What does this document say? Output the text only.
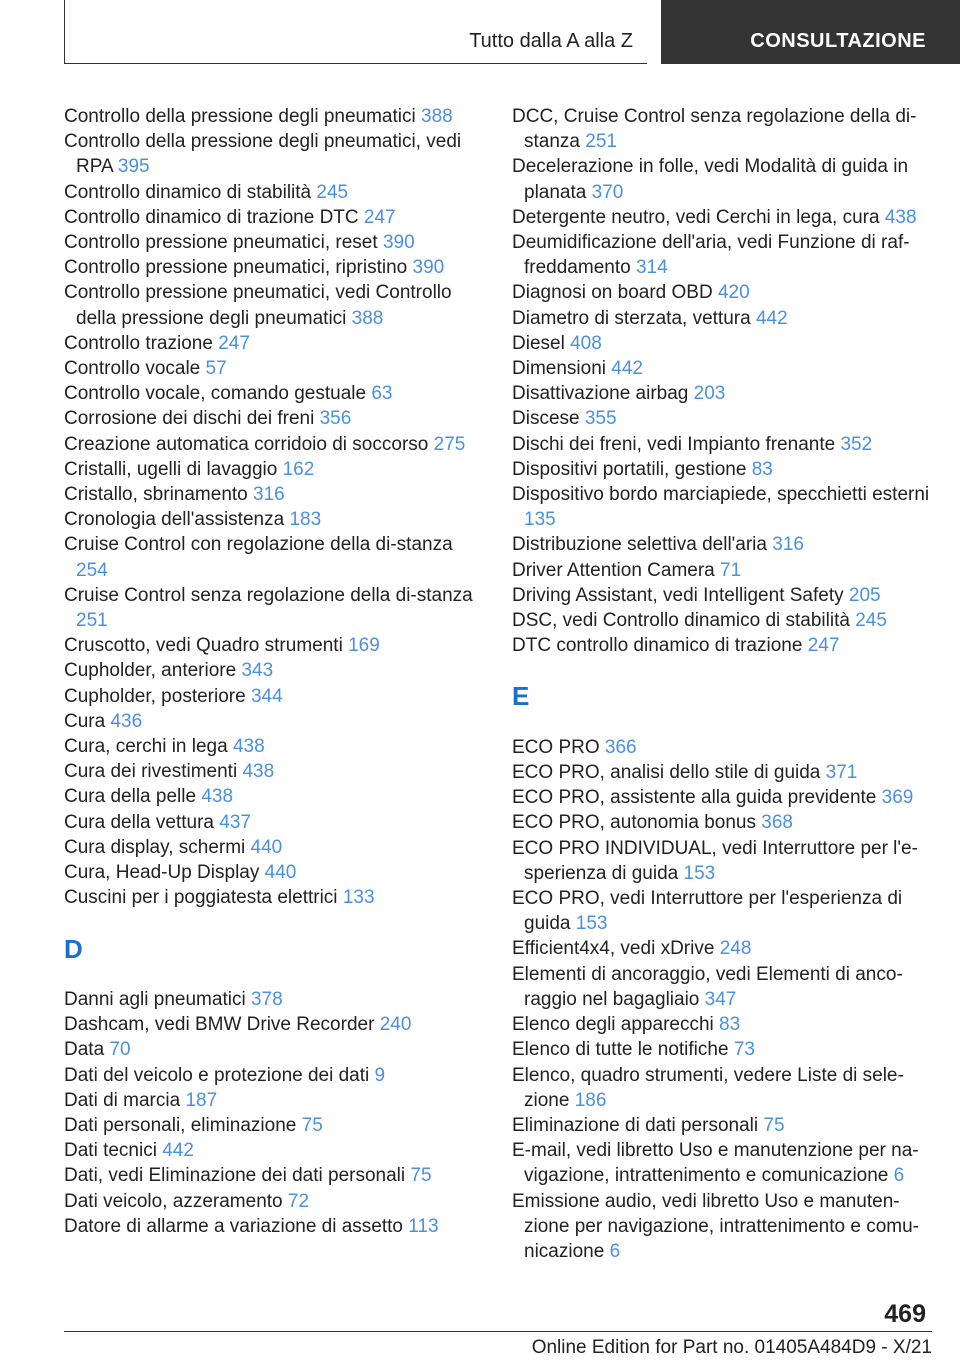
Tutto dalla A alla Z	CONSULTAZIONE
Controllo della pressione degli pneumatici 388
Controllo della pressione degli pneumatici, vedi RPA 395
Controllo dinamico di stabilità 245
Controllo dinamico di trazione DTC 247
Controllo pressione pneumatici, reset 390
Controllo pressione pneumatici, ripristino 390
Controllo pressione pneumatici, vedi Controllo della pressione degli pneumatici 388
Controllo trazione 247
Controllo vocale 57
Controllo vocale, comando gestuale 63
Corrosione dei dischi dei freni 356
Creazione automatica corridoio di soccorso 275
Cristalli, ugelli di lavaggio 162
Cristallo, sbrinamento 316
Cronologia dell'assistenza 183
Cruise Control con regolazione della di-stanza 254
Cruise Control senza regolazione della di-stanza 251
Cruscotto, vedi Quadro strumenti 169
Cupholder, anteriore 343
Cupholder, posteriore 344
Cura 436
Cura, cerchi in lega 438
Cura dei rivestimenti 438
Cura della pelle 438
Cura della vettura 437
Cura display, schermi 440
Cura, Head-Up Display 440
Cuscini per i poggiatesta elettrici 133
D
Danni agli pneumatici 378
Dashcam, vedi BMW Drive Recorder 240
Data 70
Dati del veicolo e protezione dei dati 9
Dati di marcia 187
Dati personali, eliminazione 75
Dati tecnici 442
Dati, vedi Eliminazione dei dati personali 75
Dati veicolo, azzeramento 72
Datore di allarme a variazione di assetto 113
DCC, Cruise Control senza regolazione della di-stanza 251
Decelerazione in folle, vedi Modalità di guida in planata 370
Detergente neutro, vedi Cerchi in lega, cura 438
Deumidificazione dell'aria, vedi Funzione di raf-freddamento 314
Diagnosi on board OBD 420
Diametro di sterzata, vettura 442
Diesel 408
Dimensioni 442
Disattivazione airbag 203
Discese 355
Dischi dei freni, vedi Impianto frenante 352
Dispositivi portatili, gestione 83
Dispositivo bordo marciapiede, specchietti esterni 135
Distribuzione selettiva dell'aria 316
Driver Attention Camera 71
Driving Assistant, vedi Intelligent Safety 205
DSC, vedi Controllo dinamico di stabilità 245
DTC controllo dinamico di trazione 247
E
ECO PRO 366
ECO PRO, analisi dello stile di guida 371
ECO PRO, assistente alla guida previdente 369
ECO PRO, autonomia bonus 368
ECO PRO INDIVIDUAL, vedi Interruttore per l'e-sperienza di guida 153
ECO PRO, vedi Interruttore per l'esperienza di guida 153
Efficient4x4, vedi xDrive 248
Elementi di ancoraggio, vedi Elementi di anco-raggio nel bagagliaio 347
Elenco degli apparecchi 83
Elenco di tutte le notifiche 73
Elenco, quadro strumenti, vedere Liste di sele-zione 186
Eliminazione di dati personali 75
E-mail, vedi libretto Uso e manutenzione per na-vigazione, intrattenimento e comunicazione 6
Emissione audio, vedi libretto Uso e manuten-zione per navigazione, intrattenimento e comu-nicazione 6
469
Online Edition for Part no. 01405A484D9 - X/21
